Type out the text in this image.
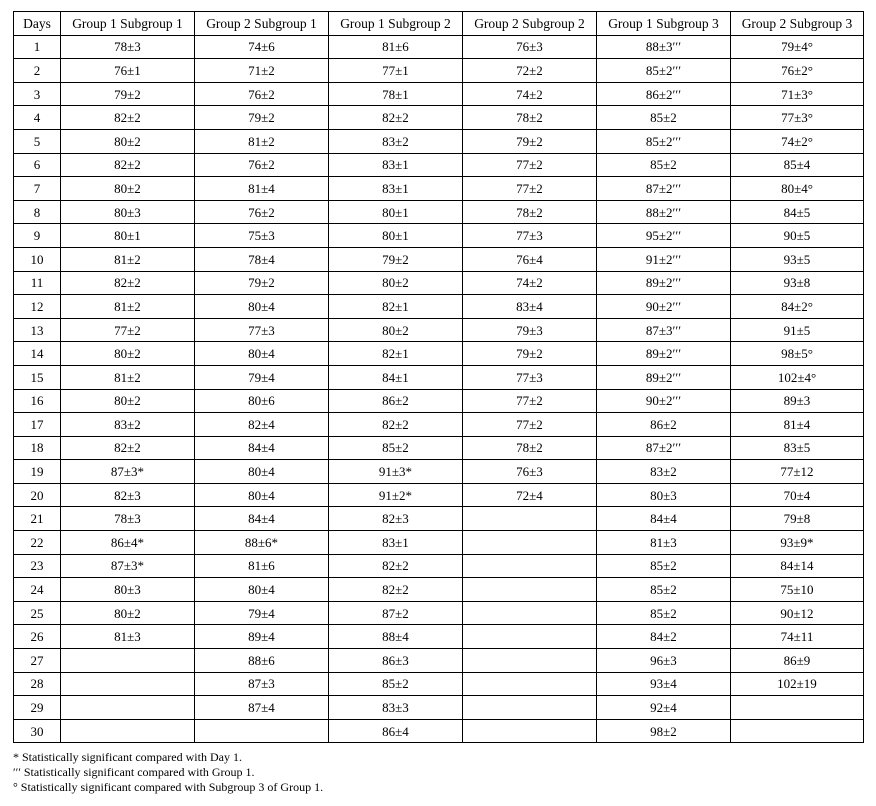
Days	Group 1 Subgroup 1	Group 2 Subgroup 1	Group 1 Subgroup 2	Group 2 Subgroup 2	Group 1 Subgroup 3	Group 2 Subgroup 3
1	78±3	74±6	81±6	76±3	88±3′′′	79±4°
2	76±1	71±2	77±1	72±2	85±2′′′	76±2°
3	79±2	76±2	78±1	74±2	86±2′′′	71±3°
4	82±2	79±2	82±2	78±2	85±2	77±3°
5	80±2	81±2	83±2	79±2	85±2′′′	74±2°
6	82±2	76±2	83±1	77±2	85±2	85±4
7	80±2	81±4	83±1	77±2	87±2′′′	80±4°
8	80±3	76±2	80±1	78±2	88±2′′′	84±5
9	80±1	75±3	80±1	77±3	95±2′′′	90±5
10	81±2	78±4	79±2	76±4	91±2′′′	93±5
11	82±2	79±2	80±2	74±2	89±2′′′	93±8
12	81±2	80±4	82±1	83±4	90±2′′′	84±2°
13	77±2	77±3	80±2	79±3	87±3′′′	91±5
14	80±2	80±4	82±1	79±2	89±2′′′	98±5°
15	81±2	79±4	84±1	77±3	89±2′′′	102±4°
16	80±2	80±6	86±2	77±2	90±2′′′	89±3
17	83±2	82±4	82±2	77±2	86±2	81±4
18	82±2	84±4	85±2	78±2	87±2′′′	83±5
19	87±3*	80±4	91±3*	76±3	83±2	77±12
20	82±3	80±4	91±2*	72±4	80±3	70±4
21	78±3	84±4	82±3		84±4	79±8
22	86±4*	88±6*	83±1		81±3	93±9*
23	87±3*	81±6	82±2		85±2	84±14
24	80±3	80±4	82±2		85±2	75±10
25	80±2	79±4	87±2		85±2	90±12
26	81±3	89±4	88±4		84±2	74±11
27		88±6	86±3		96±3	86±9
28		87±3	85±2		93±4	102±19
29		87±4	83±3		92±4	
30			86±4		98±2	
* Statistically significant compared with Day 1.
′′′ Statistically significant compared with Group 1.
° Statistically significant compared with Subgroup 3 of Group 1.
